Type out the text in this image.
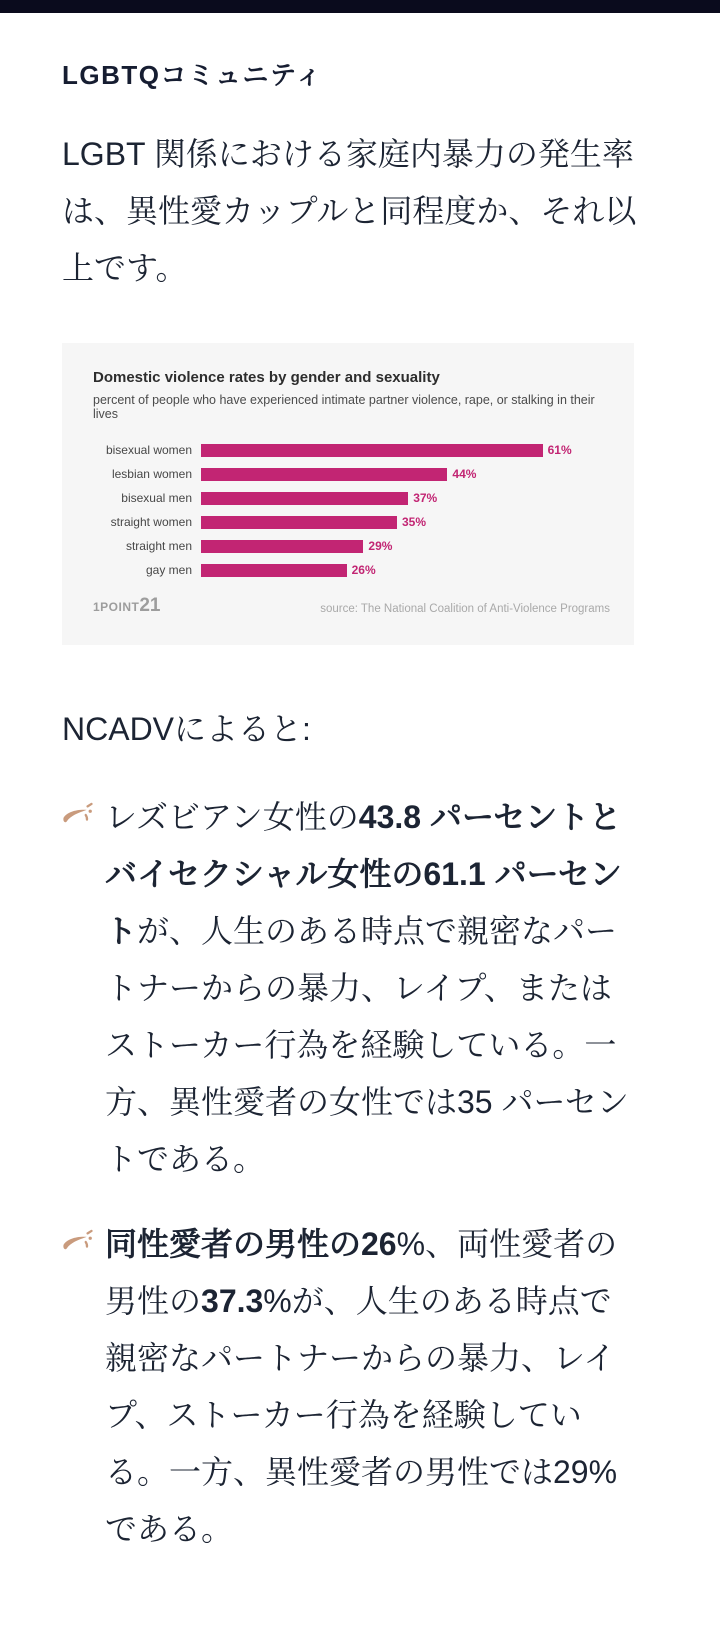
LGBTQコミュニティ

LGBT 関係における家庭内暴力の発生率は、異性愛カップルと同程度か、それ以上です。

Domestic violence rates by gender and sexuality
percent of people who have experienced intimate partner violence, rape, or stalking in their lives
bisexual women	61%
lesbian women	44%
bisexual men	37%
straight women	35%
straight men	29%
gay men	26%
1POINT21	source: The National Coalition of Anti-Violence Programs

NCADVによると:

レズビアン女性の43.8 パーセントとバイセクシャル女性の61.1 パーセントが、人生のある時点で親密なパートナーからの暴力、レイプ、またはストーカー行為を経験している。一方、異性愛者の女性では35 パーセントである。

同性愛者の男性の26%、両性愛者の男性の37.3%が、人生のある時点で親密なパートナーからの暴力、レイプ、ストーカー行為を経験している。一方、異性愛者の男性では29%である。
